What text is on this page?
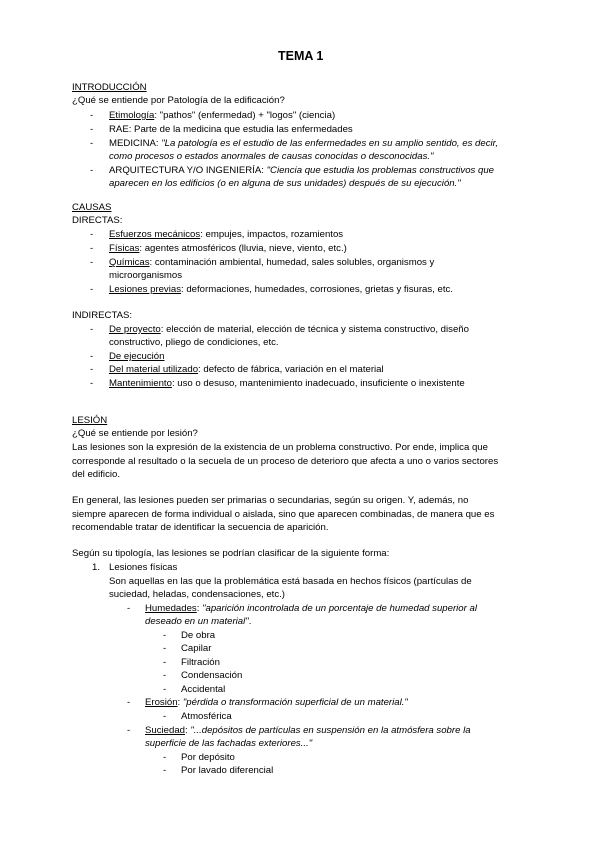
TEMA 1
INTRODUCCIÓN
¿Qué se entiende por Patología de la edificación?
- Etimología: "pathos" (enfermedad) + "logos" (ciencia)
- RAE: Parte de la medicina que estudia las enfermedades
- MEDICINA: "La patología es el estudio de las enfermedades en su amplio sentido, es decir,
como procesos o estados anormales de causas conocidas o desconocidas."
- ARQUITECTURA Y/O INGENIERÍA: "Ciencia que estudia los problemas constructivos que
aparecen en los edificios (o en alguna de sus unidades) después de su ejecución."
CAUSAS
DIRECTAS:
- Esfuerzos mecánicos: empujes, impactos, rozamientos
- Físicas: agentes atmosféricos (lluvia, nieve, viento, etc.)
- Químicas: contaminación ambiental, humedad, sales solubles, organismos y
microorganismos
- Lesiones previas: deformaciones, humedades, corrosiones, grietas y fisuras, etc.
INDIRECTAS:
- De proyecto: elección de material, elección de técnica y sistema constructivo, diseño
constructivo, pliego de condiciones, etc.
- De ejecución
- Del material utilizado: defecto de fábrica, variación en el material
- Mantenimiento: uso o desuso, mantenimiento inadecuado, insuficiente o inexistente
LESIÓN
¿Qué se entiende por lesión?
Las lesiones son la expresión de la existencia de un problema constructivo. Por ende, implica que
corresponde al resultado o la secuela de un proceso de deterioro que afecta a uno o varios sectores
del edificio.
En general, las lesiones pueden ser primarias o secundarias, según su origen. Y, además, no
siempre aparecen de forma individual o aislada, sino que aparecen combinadas, de manera que es
recomendable tratar de identificar la secuencia de aparición.
Según su tipología, las lesiones se podrían clasificar de la siguiente forma:
1. Lesiones físicas
Son aquellas en las que la problemática está basada en hechos físicos (partículas de
suciedad, heladas, condensaciones, etc.)
- Humedades: "aparición incontrolada de un porcentaje de humedad superior al
deseado en un material".
- De obra
- Capilar
- Filtración
- Condensación
- Accidental
- Erosión: "pérdida o transformación superficial de un material."
- Atmosférica
- Suciedad: "...depósitos de partículas en suspensión en la atmósfera sobre la
superficie de las fachadas exteriores..."
- Por depósito
- Por lavado diferencial
